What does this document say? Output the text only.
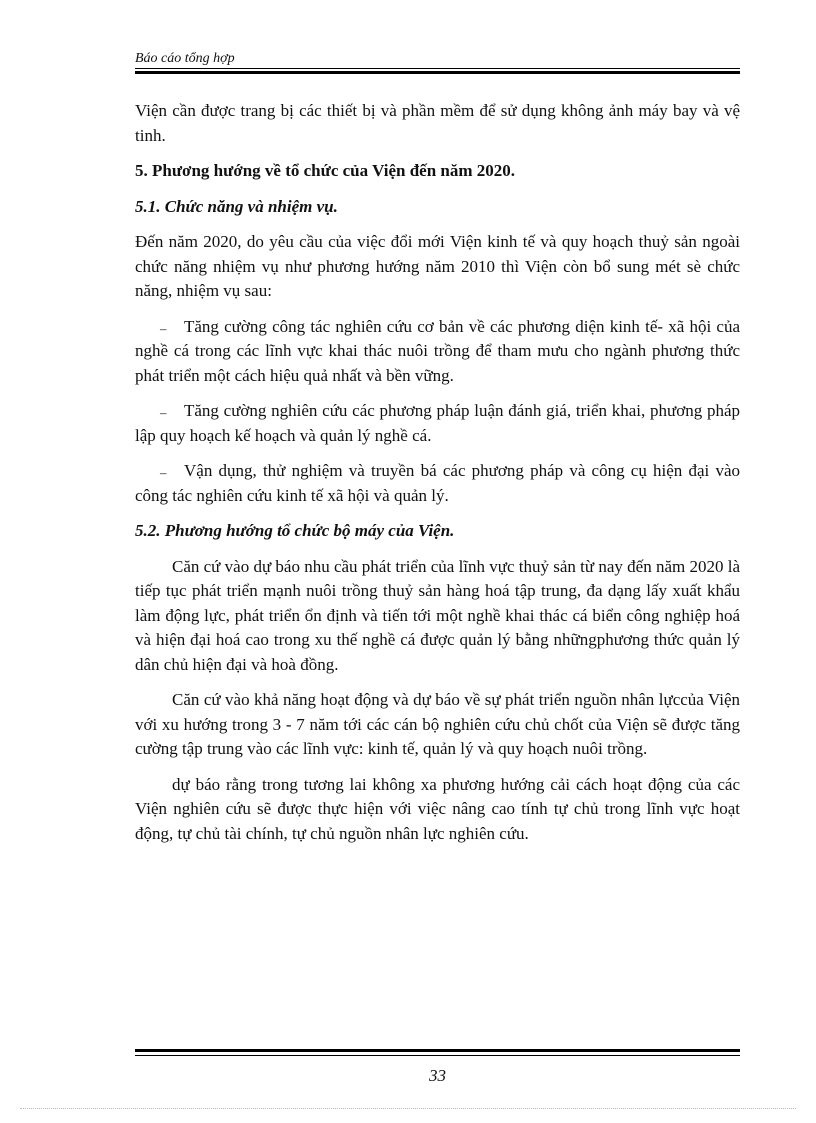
Báo cáo tổng hợp

Viện cần được trang bị các thiết bị và phần mềm để sử dụng không ảnh máy bay và vệ tinh.

5. Phương hướng về tổ chức của Viện đến năm 2020.
5.1. Chức năng và nhiệm vụ.

Đến năm 2020, do yêu cầu của việc đổi mới Viện kinh tế và quy hoạch thuỷ sản ngoài chức năng nhiệm vụ như phương hướng năm 2010 thì Viện còn bổ sung mét sè chức năng, nhiệm vụ sau:

– Tăng cường công tác nghiên cứu cơ bản về các phương diện kinh tế- xã hội của nghề cá trong các lĩnh vực khai thác nuôi trồng để tham mưu cho ngành phương thức phát triển một cách hiệu quả nhất và bền vững.

– Tăng cường nghiên cứu các phương pháp luận đánh giá, triển khai, phương pháp lập quy hoạch kế hoạch và quản lý nghề cá.

– Vận dụng, thử nghiệm và truyền bá các phương pháp và công cụ hiện đại vào công tác nghiên cứu kinh tế xã hội và quản lý.

5.2. Phương hướng tổ chức bộ máy của Viện.

Căn cứ vào dự báo nhu cầu phát triển của lĩnh vực thuỷ sản từ nay đến năm 2020 là tiếp tục phát triển mạnh nuôi trồng thuỷ sản hàng hoá tập trung, đa dạng lấy xuất khẩu làm động lực, phát triển ổn định và tiến tới một nghề khai thác cá biển công nghiệp hoá và hiện đại hoá cao trong xu thế nghề cá được quản lý bằng nhữngphương thức quản lý dân chủ hiện đại và hoà đồng.

Căn cứ vào khả năng hoạt động và dự báo về sự phát triển nguồn nhân lựccủa Viện với xu hướng trong 3 - 7 năm tới các cán bộ nghiên cứu chủ chốt của Viện sẽ được tăng cường tập trung vào các lĩnh vực: kinh tế, quản lý và quy hoạch nuôi trồng.

dự báo rằng trong tương lai không xa phương hướng cải cách hoạt động của các Viện nghiên cứu sẽ được thực hiện với việc nâng cao tính tự chủ trong lĩnh vực hoạt động, tự chủ tài chính, tự chủ nguồn nhân lực nghiên cứu.

33
